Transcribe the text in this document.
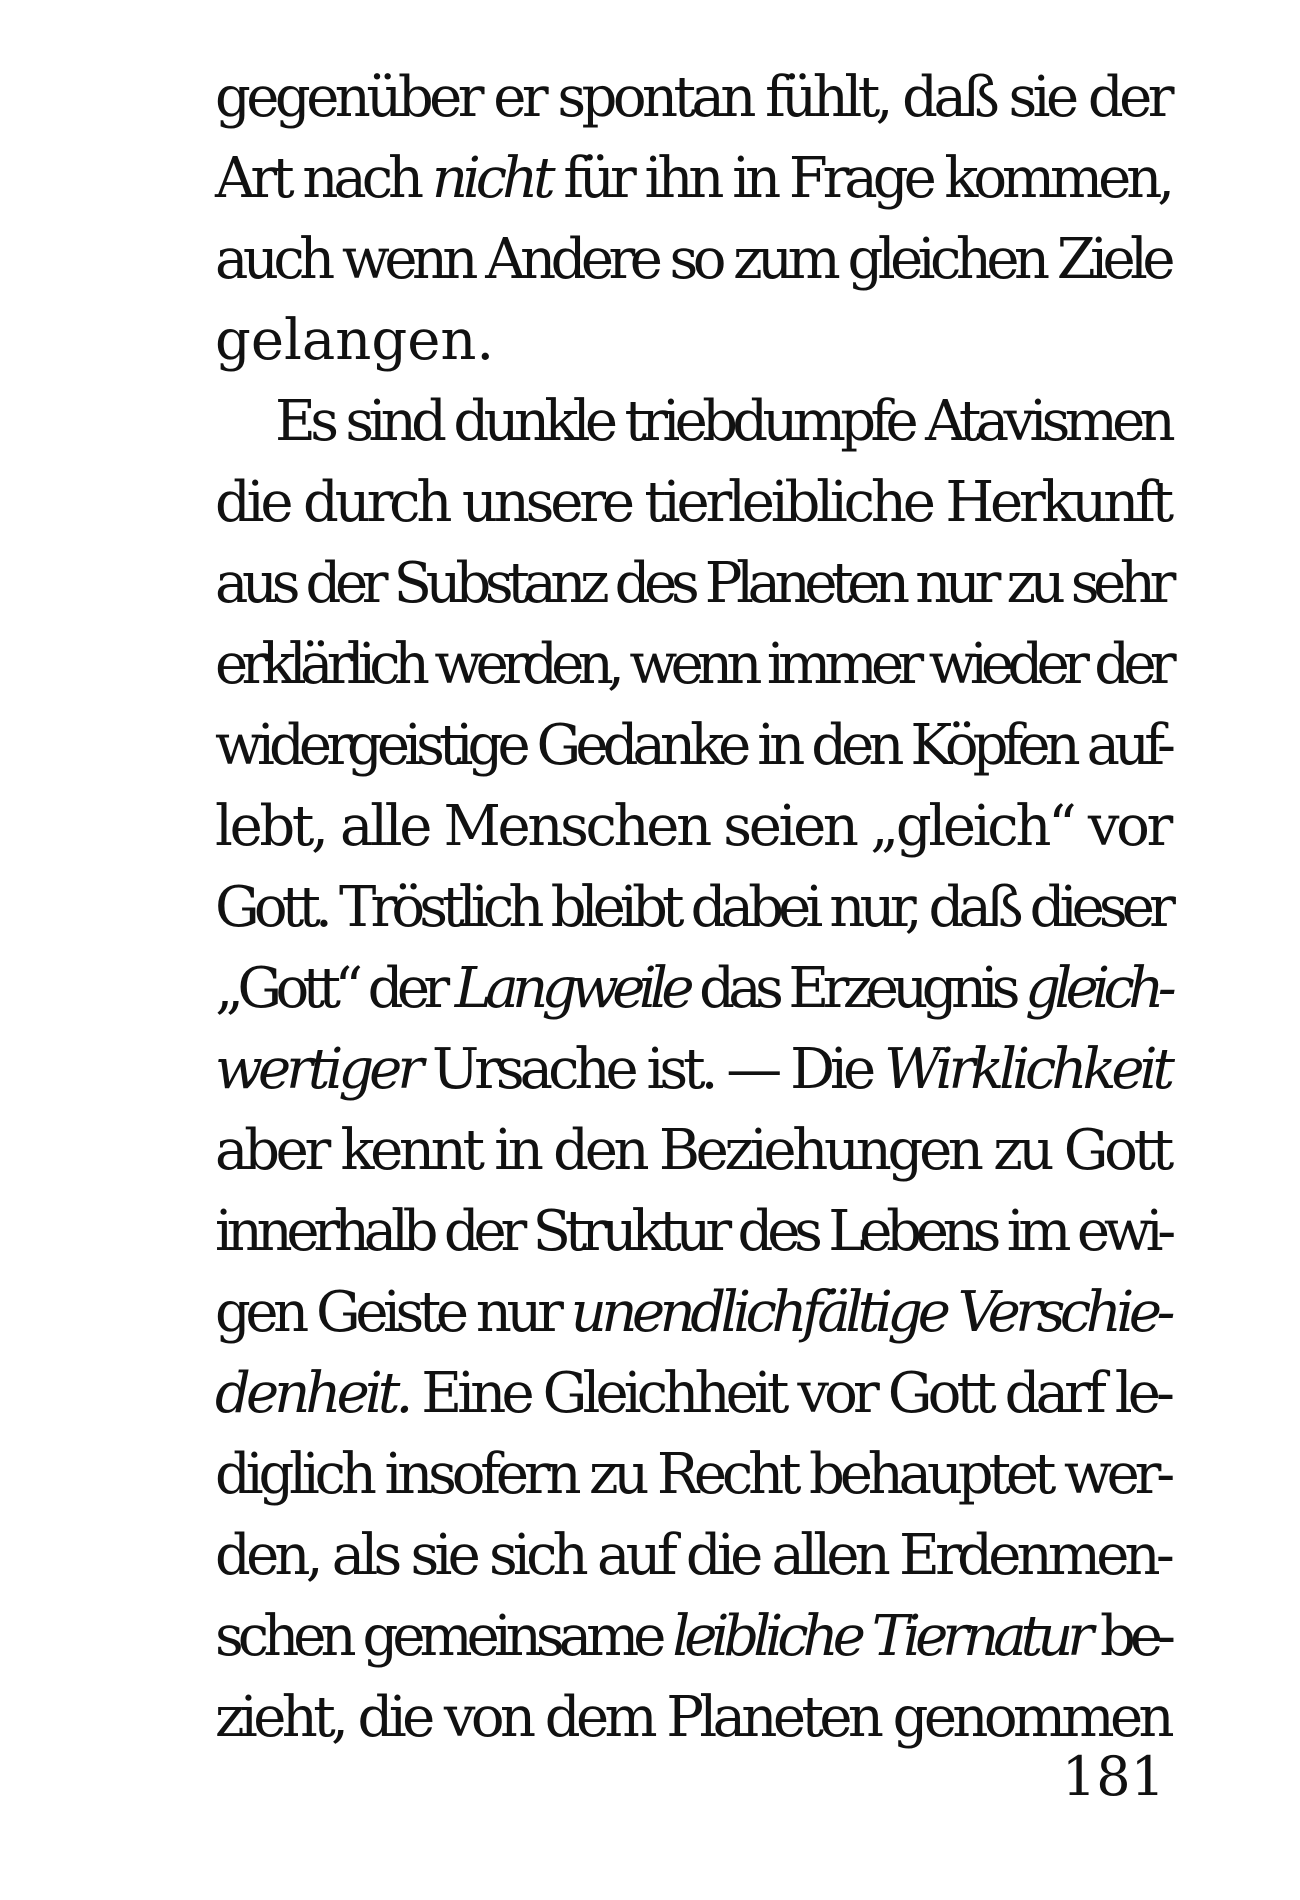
gegenüber er spontan fühlt, daß sie der
Art nach nicht für ihn in Frage kommen,
auch wenn Andere so zum gleichen Ziele
gelangen.
Es sind dunkle triebdumpfe Atavismen
die durch unsere tierleibliche Herkunft
aus der Substanz des Planeten nur zu sehr
erklärlich werden, wenn immer wieder der
widergeistige Gedanke in den Köpfen auf-
lebt, alle Menschen seien „gleich“ vor
Gott. Tröstlich bleibt dabei nur, daß dieser
„Gott“ der Langweile das Erzeugnis gleich-
wertiger Ursache ist. — Die Wirklichkeit
aber kennt in den Beziehungen zu Gott
innerhalb der Struktur des Lebens im ewi-
gen Geiste nur unendlichfältige Verschie-
denheit. Eine Gleichheit vor Gott darf le-
diglich insofern zu Recht behauptet wer-
den, als sie sich auf die allen Erdenmen-
schen gemeinsame leibliche Tiernatur be-
zieht, die von dem Planeten genommen
181
